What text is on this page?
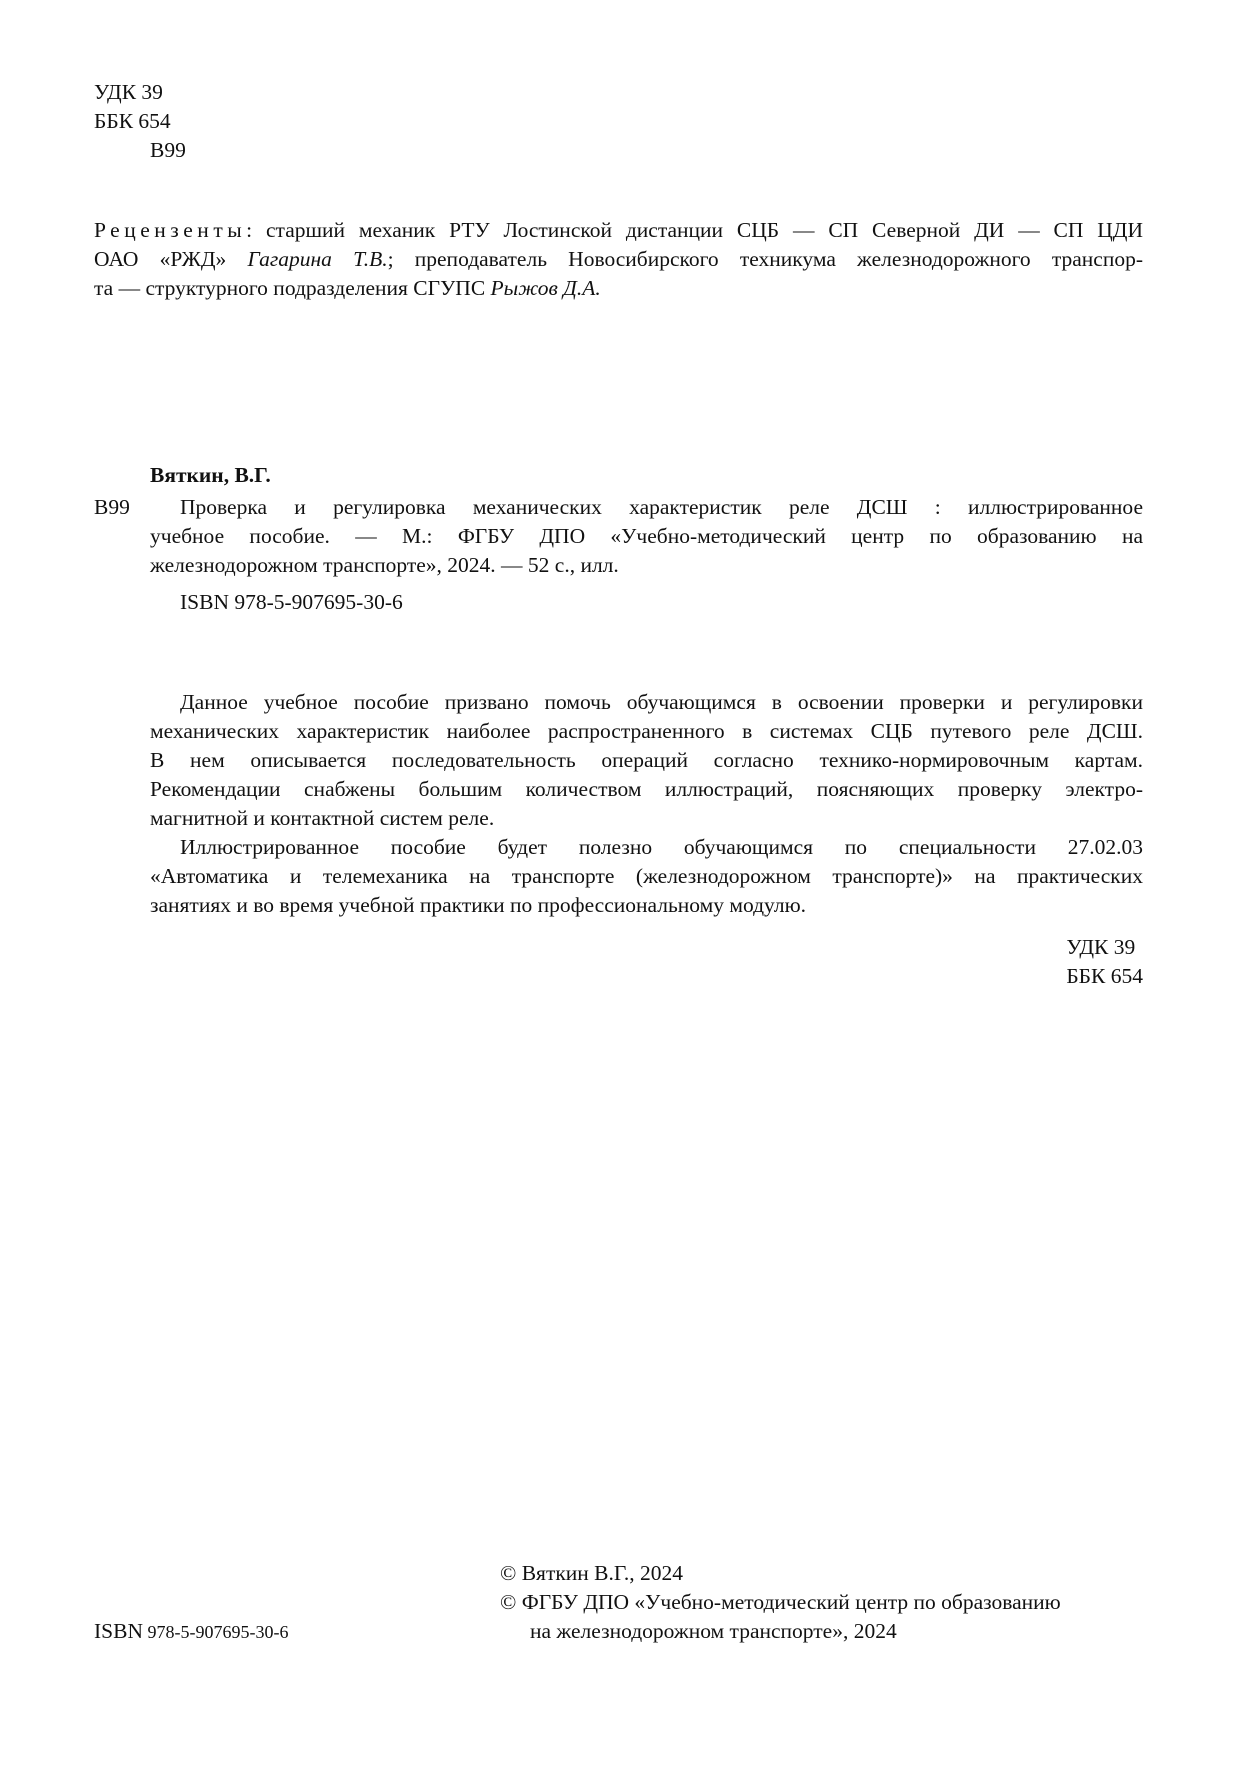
УДК 39
ББК 654
В99
Рецензенты: старший механик РТУ Лостинской дистанции СЦБ — СП Северной ДИ — СП ЦДИ
ОАО «РЖД» Гагарина Т.В.; преподаватель Новосибирского техникума железнодорожного транспор-
та — структурного подразделения СГУПС Рыжов Д.А.
Вяткин, В.Г.
В99 Проверка и регулировка механических характеристик реле ДСШ : иллюстрированное
учебное пособие. — М.: ФГБУ ДПО «Учебно-методический центр по образованию на
железнодорожном транспорте», 2024. — 52 с., илл.
ISBN 978-5-907695-30-6
Данное учебное пособие призвано помочь обучающимся в освоении проверки и регулировки
механических характеристик наиболее распространенного в системах СЦБ путевого реле ДСШ.
В нем описывается последовательность операций согласно технико-нормировочным картам.
Рекомендации снабжены большим количеством иллюстраций, поясняющих проверку электро-
магнитной и контактной систем реле.
Иллюстрированное пособие будет полезно обучающимся по специальности 27.02.03
«Автоматика и телемеханика на транспорте (железнодорожном транспорте)» на практических
занятиях и во время учебной практики по профессиональному модулю.
УДК 39
ББК 654
ISBN 978-5-907695-30-6
© Вяткин В.Г., 2024
© ФГБУ ДПО «Учебно-методический центр по образованию
на железнодорожном транспорте», 2024
